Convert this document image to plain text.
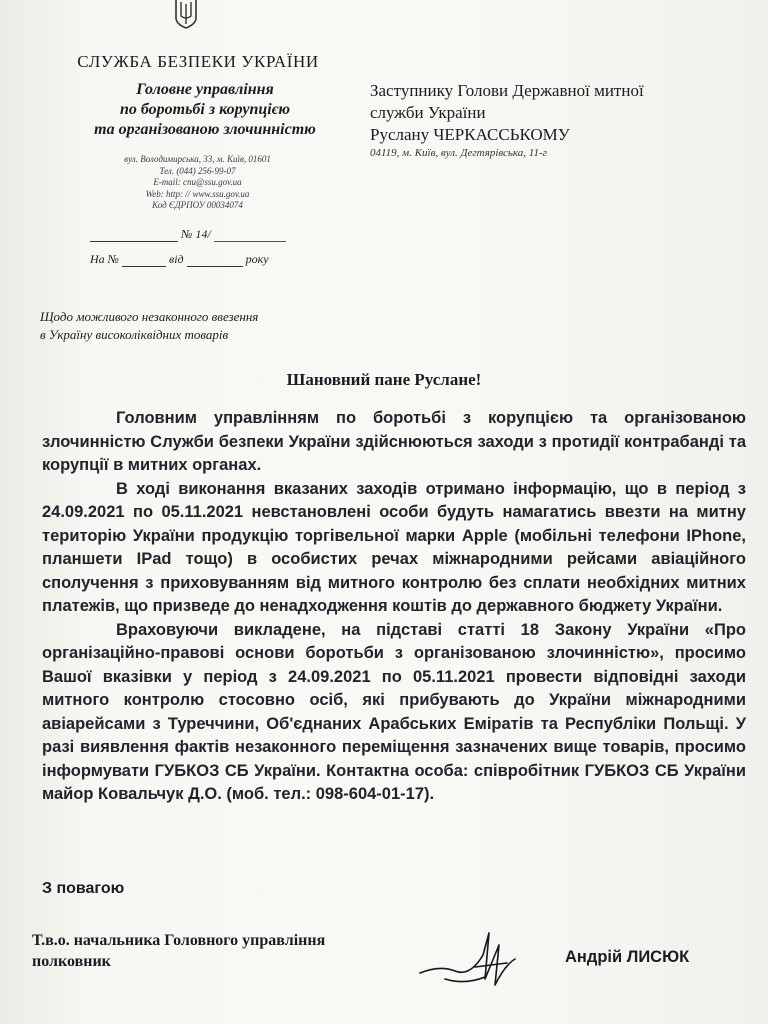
СЛУЖБА БЕЗПЕКИ УКРАЇНИ
Головне управління
по боротьбі з корупцією
та організованою злочинністю
вул. Володимирська, 33, м. Київ, 01601
Тел. (044) 256-99-07
E-mail: cnu@ssu.gov.ua
Web: http: // www.ssu.gov.ua
Код ЄДРПОУ 00034074
№ 14/
На №	від	року
Заступнику Голови Державної митної
служби України
Руслану ЧЕРКАССЬКОМУ
04119, м. Київ, вул. Дегтярівська, 11-г
Щодо можливого незаконного ввезення
в Україну високоліквідних товарів
Шановний пане Руслане!

Головним управлінням по боротьбі з корупцією та організованою злочинністю Служби безпеки України здійснюються заходи з протидії контрабанді та корупції в митних органах.

В ході виконання вказаних заходів отримано інформацію, що в період з 24.09.2021 по 05.11.2021 невстановлені особи будуть намагатись ввезти на митну територію України продукцію торгівельної марки Apple (мобільні телефони IPhone, планшети IPad тощо) в особистих речах міжнародними рейсами авіаційного сполучення з приховуванням від митного контролю без сплати необхідних митних платежів, що призведе до ненадходження коштів до державного бюджету України.

Враховуючи викладене, на підставі статті 18 Закону України «Про організаційно-правові основи боротьби з організованою злочинністю», просимо Вашої вказівки у період з 24.09.2021 по 05.11.2021 провести відповідні заходи митного контролю стосовно осіб, які прибувають до України міжнародними авіарейсами з Туреччини, Об'єднаних Арабських Еміратів та Республіки Польщі. У разі виявлення фактів незаконного переміщення зазначених вище товарів, просимо інформувати ГУБКОЗ СБ України. Контактна особа: співробітник ГУБКОЗ СБ України майор Ковальчук Д.О. (моб. тел.: 098-604-01-17).

З повагою
Т.в.о. начальника Головного управління
полковник	Андрій ЛИСЮК
